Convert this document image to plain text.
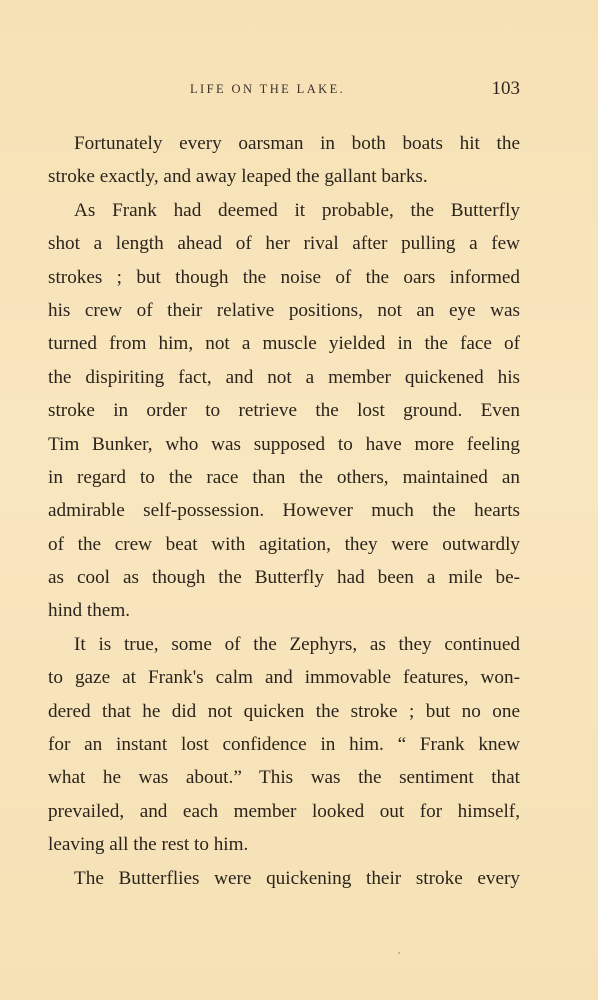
LIFE ON THE LAKE.	103
Fortunately every oarsman in both boats hit the
stroke exactly, and away leaped the gallant barks.
As Frank had deemed it probable, the Butterfly
shot a length ahead of her rival after pulling a few
strokes ; but though the noise of the oars informed
his crew of their relative positions, not an eye was
turned from him, not a muscle yielded in the face of
the dispiriting fact, and not a member quickened his
stroke in order to retrieve the lost ground. Even
Tim Bunker, who was supposed to have more feeling
in regard to the race than the others, maintained an
admirable self-possession. However much the hearts
of the crew beat with agitation, they were outwardly
as cool as though the Butterfly had been a mile be-
hind them.
It is true, some of the Zephyrs, as they continued
to gaze at Frank's calm and immovable features, won-
dered that he did not quicken the stroke ; but no one
for an instant lost confidence in him. “ Frank knew
what he was about.” This was the sentiment that
prevailed, and each member looked out for himself,
leaving all the rest to him.
The Butterflies were quickening their stroke every
